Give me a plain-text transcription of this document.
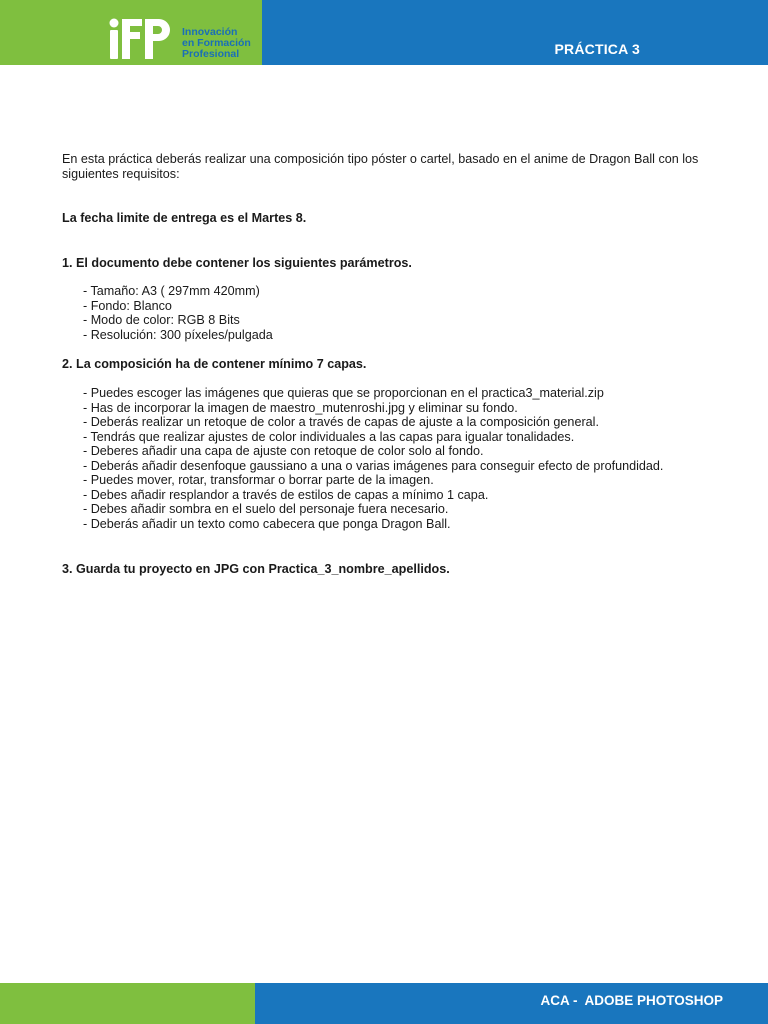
Innovación
en Formación
Profesional	PRÁCTICA 3

En esta práctica deberás realizar una composición tipo póster o cartel, basado en el anime de Dragon Ball con los siguientes requisitos:

La fecha limite de entrega es el Martes 8.
1. El documento debe contener los siguientes parámetros.
- Tamaño: A3 ( 297mm 420mm)
- Fondo: Blanco
- Modo de color: RGB 8 Bits
- Resolución: 300 píxeles/pulgada
2. La composición ha de contener mínimo 7 capas.
- Puedes escoger las imágenes que quieras que se proporcionan en el practica3_material.zip
- Has de incorporar la imagen de maestro_mutenroshi.jpg y eliminar su fondo.
- Deberás realizar un retoque de color a través de capas de ajuste a la composición general.
- Tendrás que realizar ajustes de color individuales a las capas para igualar tonalidades.
- Deberes añadir una capa de ajuste con retoque de color solo al fondo.
- Deberás añadir desenfoque gaussiano a una o varias imágenes para conseguir efecto de profundidad.
- Puedes mover, rotar, transformar o borrar parte de la imagen.
- Debes añadir resplandor a través de estilos de capas a mínimo 1 capa.
- Debes añadir sombra en el suelo del personaje fuera necesario.
- Deberás añadir un texto como cabecera que ponga Dragon Ball.
3. Guarda tu proyecto en JPG con Practica_3_nombre_apellidos.
ACA -  ADOBE PHOTOSHOP
